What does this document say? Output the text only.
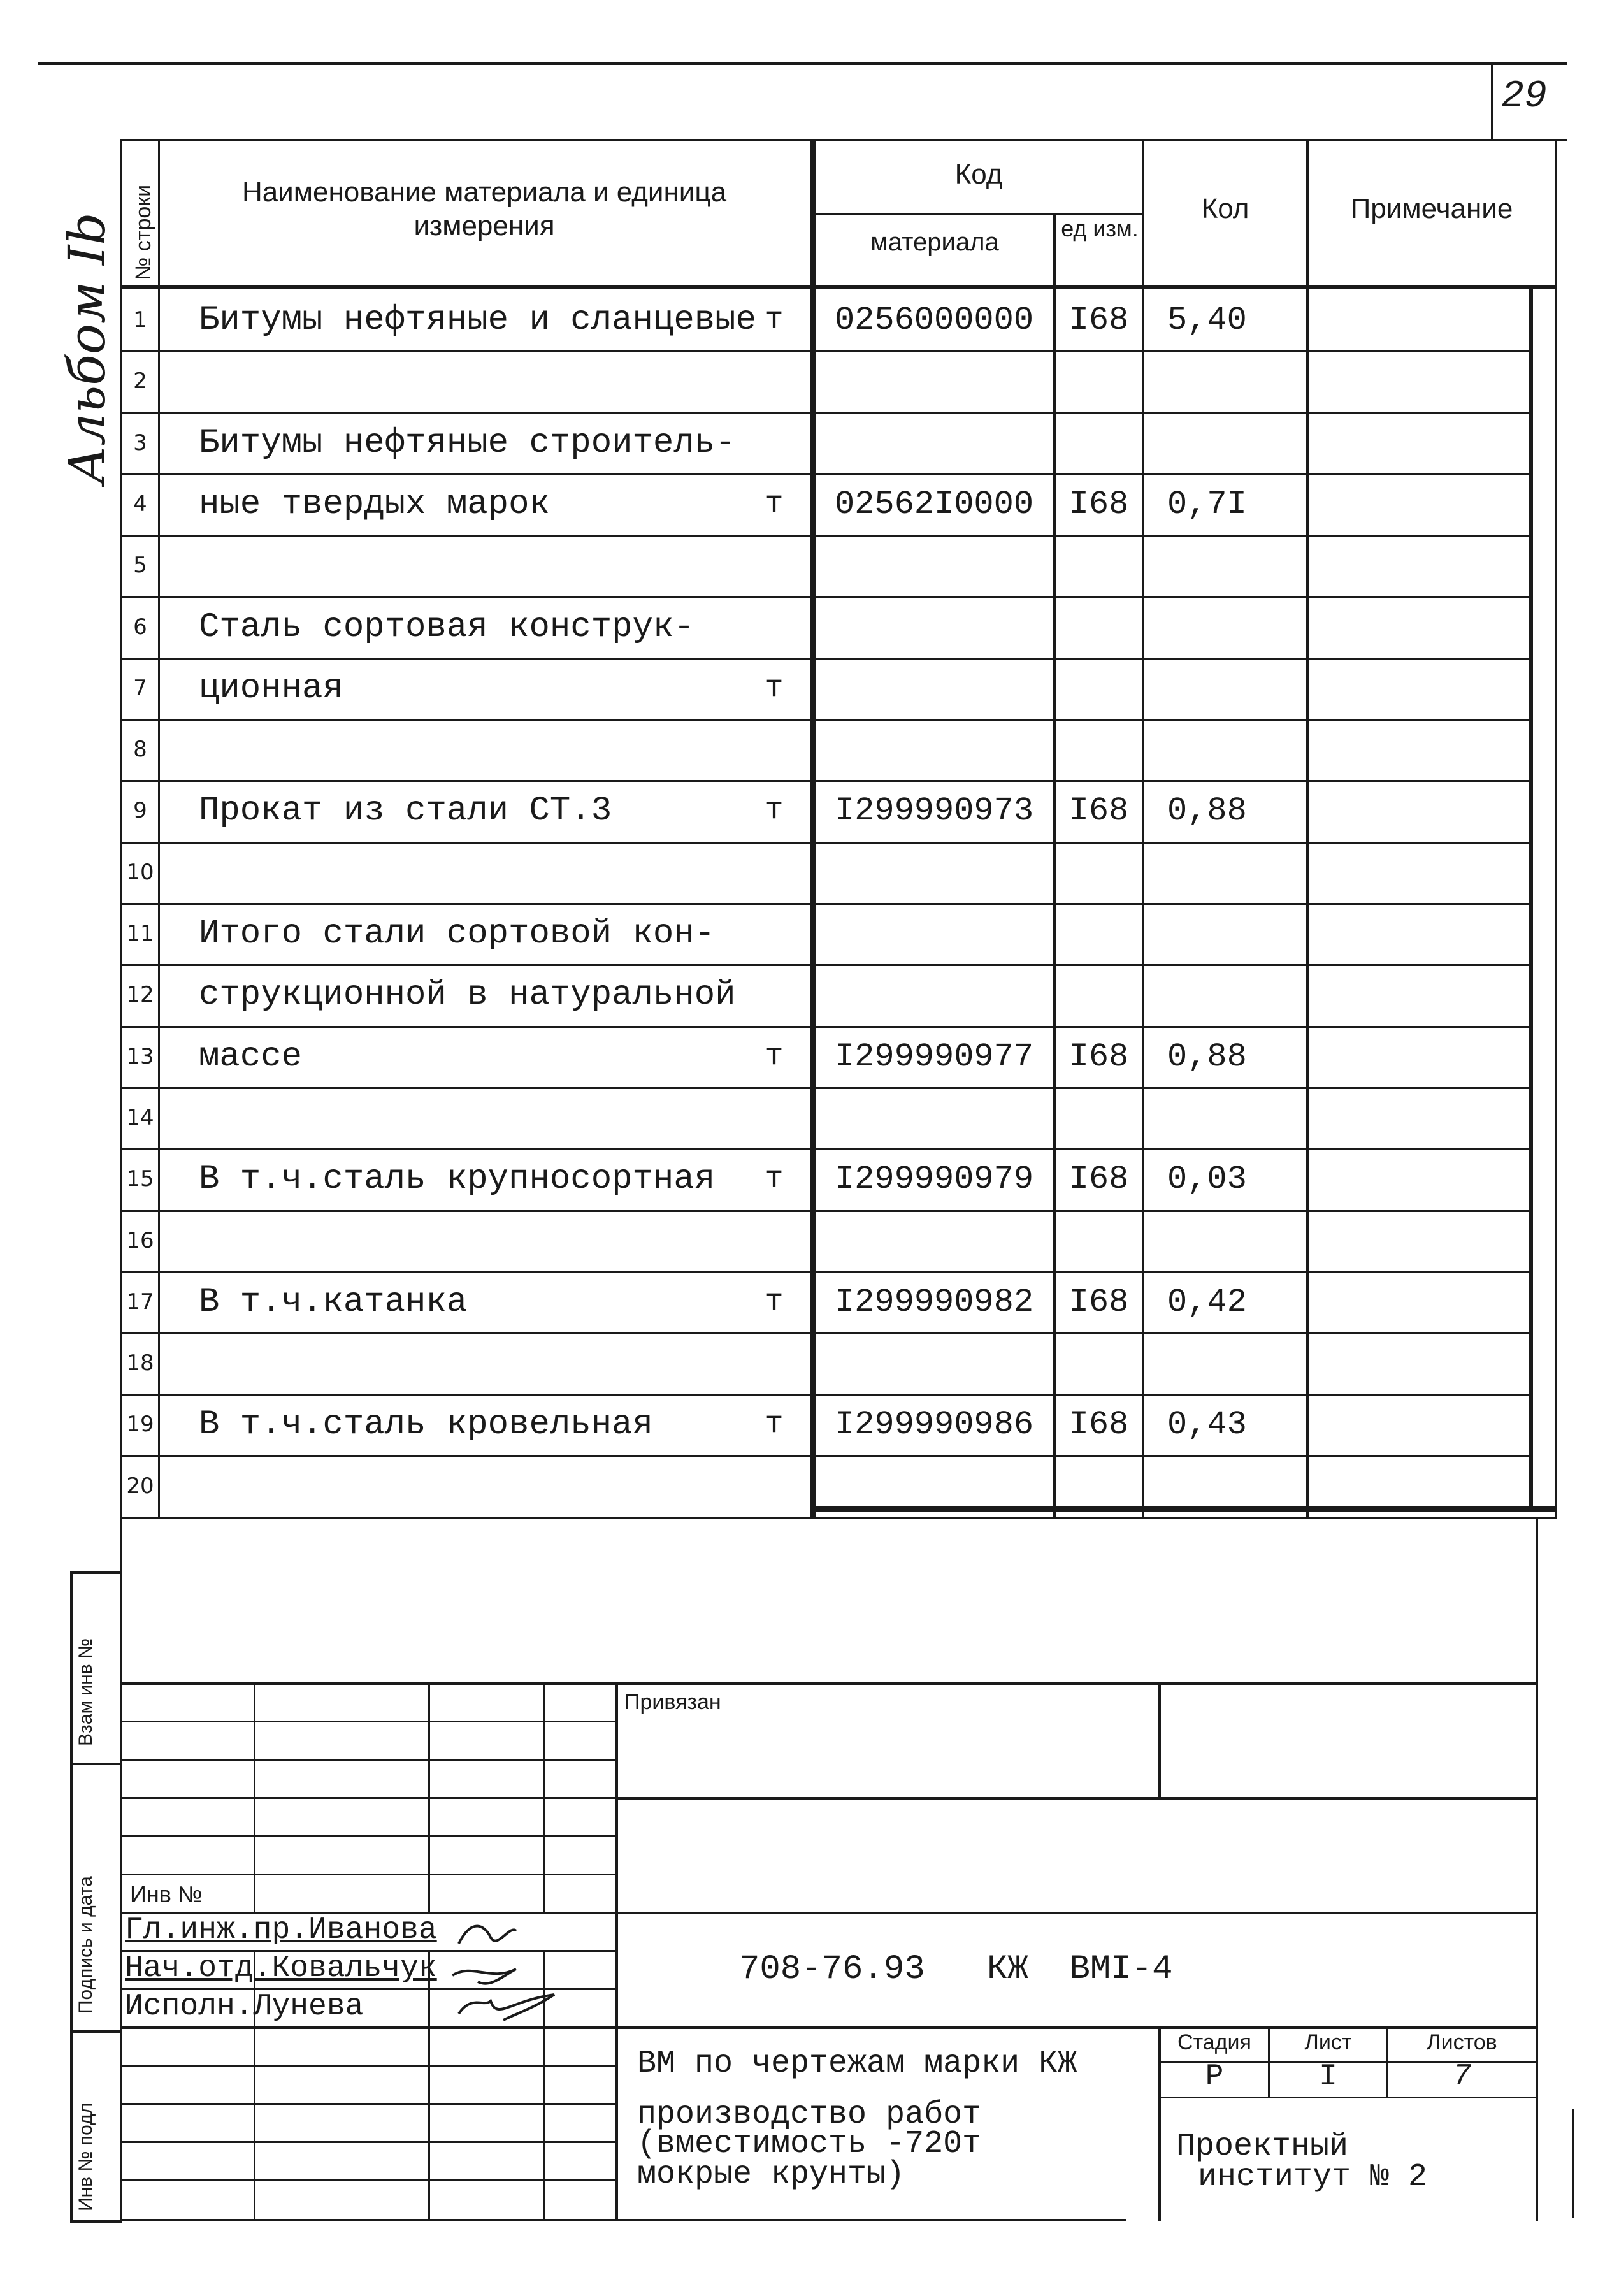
29
Альбом Ib № строки	Наименование материала и единица измерения
Код
материала	ед изм.
Кол	Примечание
1	Битумы нефтяные и сланцевые т	0256000000	I68	5,40
2
3	Битумы нефтяные строитель-
4	ные твердых марок	т	02562I0000	I68	0,7I
5
6	Сталь сортовая конструк-
7	ционная	т
8
9	Прокат из стали СТ.3	т	I299990973	I68	0,88
10
11	Итого стали сортовой кон-
12	струкционной в натуральной
13	массе	т	I299990977	I68	0,88
14
15	В т.ч.сталь крупносортная	т	I299990979	I68	0,03
16
17	В т.ч.катанка	т	I299990982	I68	0,42
18
19	В т.ч.сталь кровельная	т	I299990986	I68	0,43
20
Взам инв №
Подпись и дата
Инв № подл
Привязан
Инв №
Гл.инж.пр.Иванова
Нач.отд.Ковальчук
Исполн.Лунева
708-76.93   КЖ  ВМI-4
ВМ по чертежам марки КЖ
производство работ
(вместимость -720т
мокрые крунты)
Стадия	Лист	Листов
Р	I	7
Проектный
институт № 2
